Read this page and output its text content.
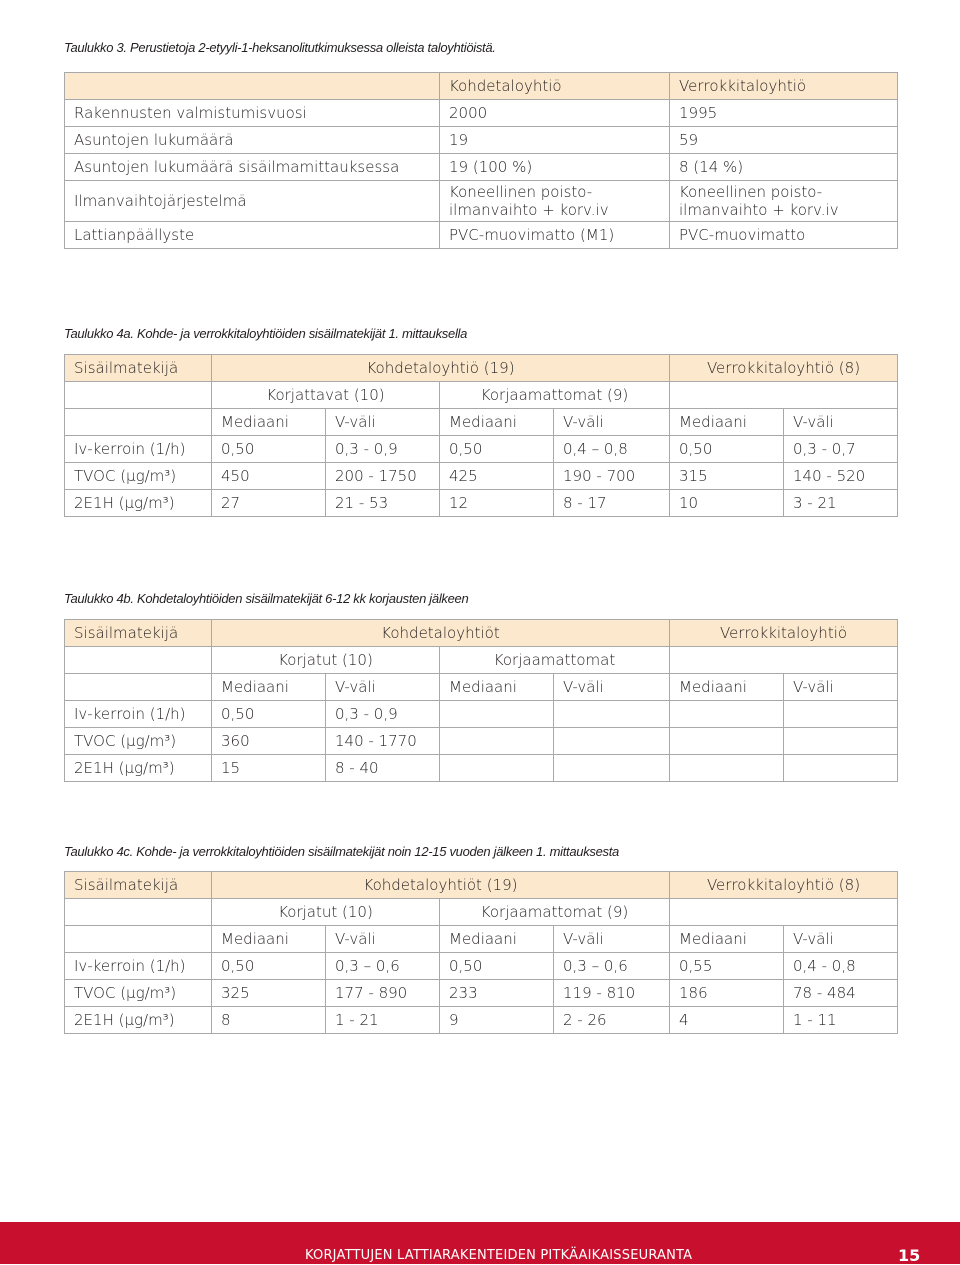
Taulukko 3. Perustietoja 2-etyyli-1-heksanolitutkimuksessa olleista taloyhtiöistä.
	Kohdetaloyhtiö	Verrokkitaloyhtiö
Rakennusten valmistumisvuosi	2000	1995
Asuntojen lukumäärä	19	59
Asuntojen lukumäärä sisäilmamittauksessa	19 (100 %)	8 (14 %)
Ilmanvaihtojärjestelmä	Koneellinen poisto-ilmanvaihto + korv.iv	Koneellinen poisto-ilmanvaihto + korv.iv
Lattianpäällyste	PVC-muovimatto (M1)	PVC-muovimatto
Taulukko 4a. Kohde- ja verrokkitaloyhtiöiden sisäilmatekijät 1. mittauksella
Sisäilmatekijä	Kohdetaloyhtiö (19)				Verrokkitaloyhtiö (8)	
	Korjattavat (10)		Korjaamattomat (9)			
	Mediaani	V-väli	Mediaani	V-väli	Mediaani	V-väli
Iv-kerroin (1/h)	0,50	0,3 - 0,9	0,50	0,4 – 0,8	0,50	0,3 - 0,7
TVOC (µg/m³)	450	200 - 1750	425	190 - 700	315	140 - 520
2E1H (µg/m³)	27	21 - 53	12	8 - 17	10	3 - 21
Taulukko 4b. Kohdetaloyhtiöiden sisäilmatekijät 6-12 kk korjausten jälkeen
Sisäilmatekijä	Kohdetaloyhtiöt				Verrokkitaloyhtiö	
	Korjatut (10)		Korjaamattomat			
	Mediaani	V-väli	Mediaani	V-väli	Mediaani	V-väli
Iv-kerroin (1/h)	0,50	0,3 - 0,9				
TVOC (µg/m³)	360	140 - 1770				
2E1H (µg/m³)	15	8 - 40				
Taulukko 4c. Kohde- ja verrokkitaloyhtiöiden sisäilmatekijät noin 12-15 vuoden jälkeen 1. mittauksesta
Sisäilmatekijä	Kohdetaloyhtiöt (19)				Verrokkitaloyhtiö (8)	
	Korjatut (10)		Korjaamattomat (9)			
	Mediaani	V-väli	Mediaani	V-väli	Mediaani	V-väli
Iv-kerroin (1/h)	0,50	0,3 – 0,6	0,50	0,3 – 0,6	0,55	0,4 - 0,8
TVOC (µg/m³)	325	177 - 890	233	119 - 810	186	78 - 484
2E1H (µg/m³)	8	1 - 21	9	2 - 26	4	1 - 11
KORJATTUJEN LATTIARAKENTEIDEN PITKÄAIKAISSEURANTA	15
